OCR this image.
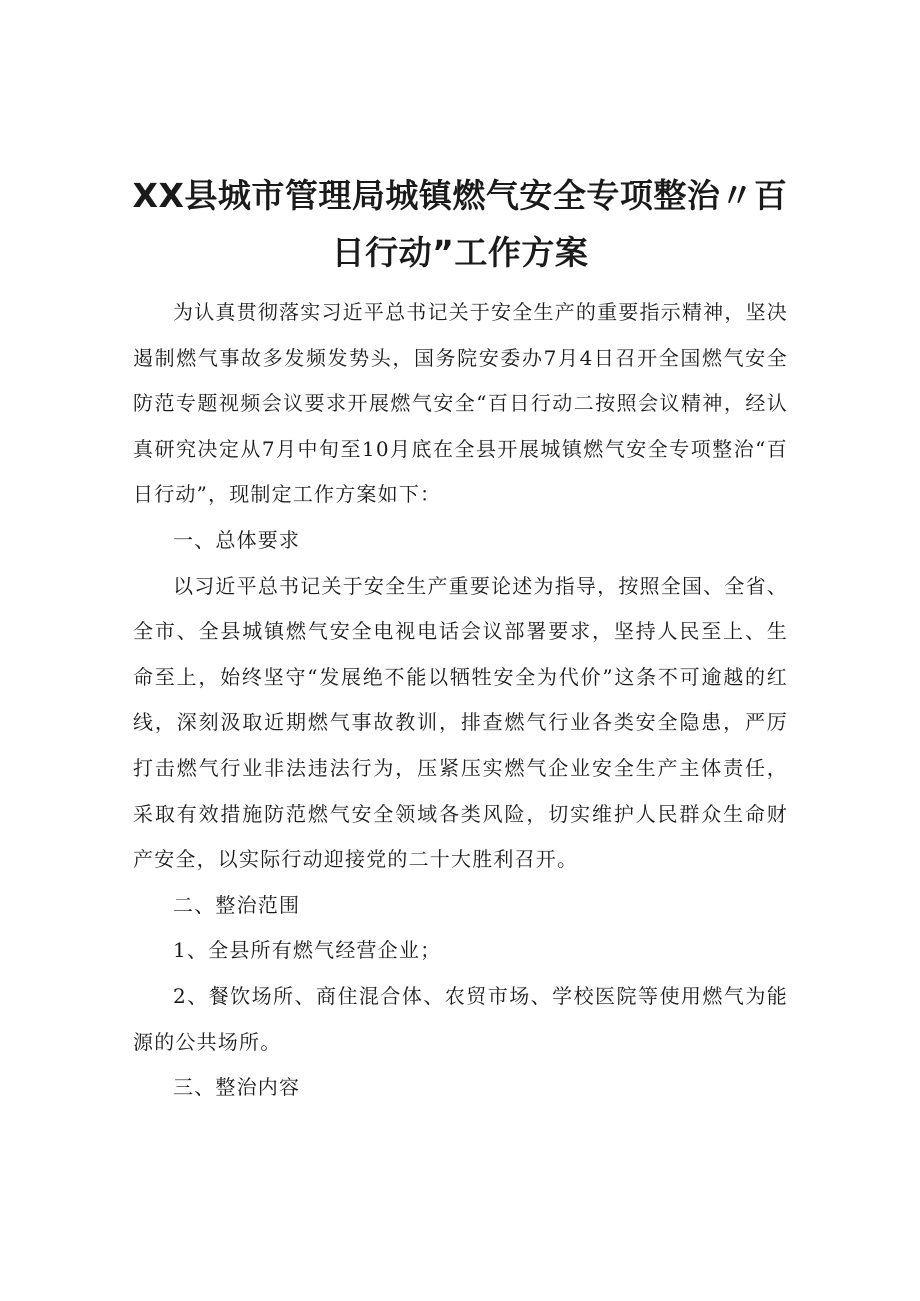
XX县城市管理局城镇燃气安全专项整治〃百
日行动”工作方案

为认真贯彻落实习近平总书记关于安全生产的重要指示精神，坚决遏制燃气事故多发频发势头，国务院安委办7月4日召开全国燃气安全防范专题视频会议要求开展燃气安全“百日行动二按照会议精神，经认真研究决定从7月中旬至10月底在全县开展城镇燃气安全专项整治“百日行动”，现制定工作方案如下：

一、总体要求

以习近平总书记关于安全生产重要论述为指导，按照全国、全省、全市、全县城镇燃气安全电视电话会议部署要求，坚持人民至上、生命至上，始终坚守“发展绝不能以牺牲安全为代价”这条不可逾越的红线，深刻汲取近期燃气事故教训，排查燃气行业各类安全隐患，严厉打击燃气行业非法违法行为，压紧压实燃气企业安全生产主体责任，采取有效措施防范燃气安全领域各类风险，切实维护人民群众生命财产安全，以实际行动迎接党的二十大胜利召开。

二、整治范围

1、全县所有燃气经营企业；

2、餐饮场所、商住混合体、农贸市场、学校医院等使用燃气为能源的公共场所。

三、整治内容
